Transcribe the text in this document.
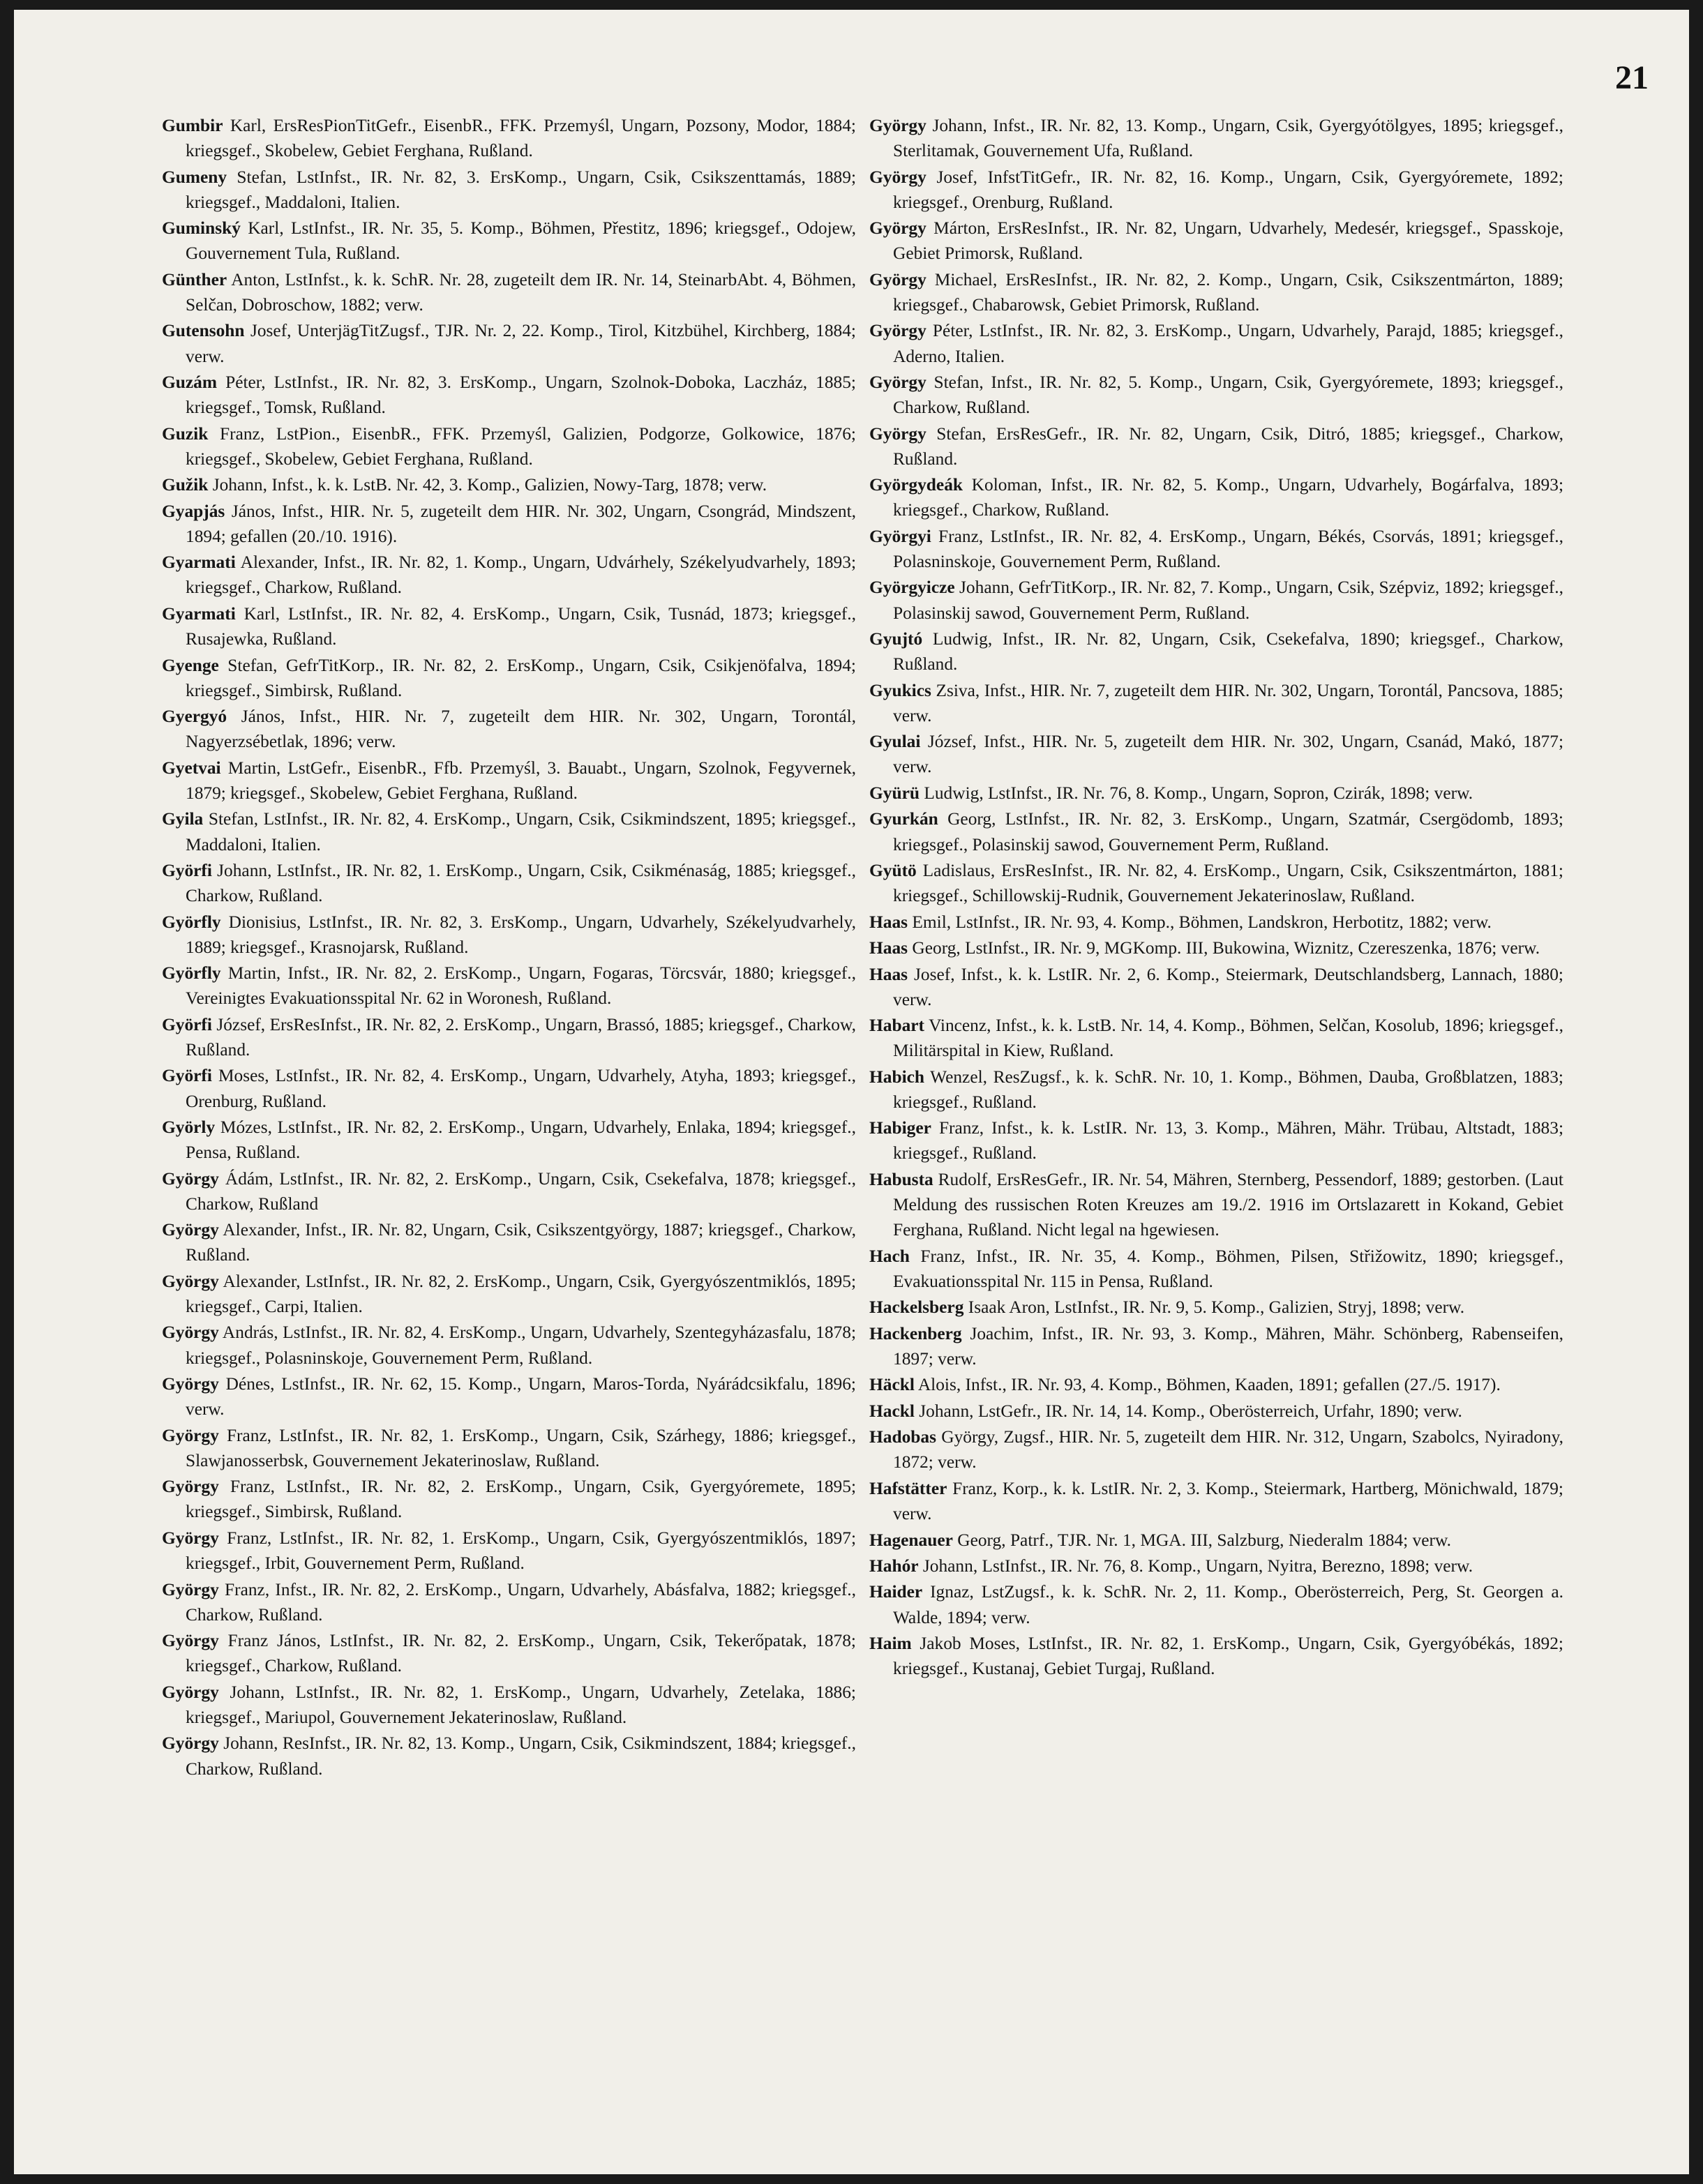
21

Gumbir Karl, ErsResPionTitGefr., EisenbR., FFK. Przemyśl, Ungarn, Pozsony, Modor, 1884; kriegsgef., Skobelew, Gebiet Ferghana, Rußland.

Gumeny Stefan, LstInfst., IR. Nr. 82, 3. ErsKomp., Ungarn, Csik, Csikszenttamás, 1889; kriegsgef., Maddaloni, Italien.

Guminský Karl, LstInfst., IR. Nr. 35, 5. Komp., Böhmen, Přestitz, 1896; kriegsgef., Odojew, Gouvernement Tula, Rußland.

Günther Anton, LstInfst., k. k. SchR. Nr. 28, zugeteilt dem IR. Nr. 14, SteinarbAbt. 4, Böhmen, Selčan, Dobroschow, 1882; verw.

Gutensohn Josef, UnterjägTitZugsf., TJR. Nr. 2, 22. Komp., Tirol, Kitzbühel, Kirchberg, 1884; verw.

Guzám Péter, LstInfst., IR. Nr. 82, 3. ErsKomp., Ungarn, Szolnok-Doboka, Laczház, 1885; kriegsgef., Tomsk, Rußland.

Guzik Franz, LstPion., EisenbR., FFK. Przemyśl, Galizien, Podgorze, Golkowice, 1876; kriegsgef., Skobelew, Gebiet Ferghana, Rußland.

Gužik Johann, Infst., k. k. LstB. Nr. 42, 3. Komp., Galizien, Nowy-Targ, 1878; verw.

Gyapjás János, Infst., HIR. Nr. 5, zugeteilt dem HIR. Nr. 302, Ungarn, Csongrád, Mindszent, 1894; gefallen (20./10. 1916).

Gyarmati Alexander, Infst., IR. Nr. 82, 1. Komp., Ungarn, Udvárhely, Székelyudvarhely, 1893; kriegsgef., Charkow, Rußland.

Gyarmati Karl, LstInfst., IR. Nr. 82, 4. ErsKomp., Ungarn, Csik, Tusnád, 1873; kriegsgef., Rusajewka, Rußland.

Gyenge Stefan, GefrTitKorp., IR. Nr. 82, 2. ErsKomp., Ungarn, Csik, Csikjenöfalva, 1894; kriegsgef., Simbirsk, Rußland.

Gyergyó János, Infst., HIR. Nr. 7, zugeteilt dem HIR. Nr. 302, Ungarn, Torontál, Nagyerzsébetlak, 1896; verw.

Gyetvai Martin, LstGefr., EisenbR., Ffb. Przemyśl, 3. Bauabt., Ungarn, Szolnok, Fegyvernek, 1879; kriegsgef., Skobelew, Gebiet Ferghana, Rußland.

Gyila Stefan, LstInfst., IR. Nr. 82, 4. ErsKomp., Ungarn, Csik, Csikmindszent, 1895; kriegsgef., Maddaloni, Italien.

Györfi Johann, LstInfst., IR. Nr. 82, 1. ErsKomp., Ungarn, Csik, Csikménaság, 1885; kriegsgef., Charkow, Rußland.

Györfly Dionisius, LstInfst., IR. Nr. 82, 3. ErsKomp., Ungarn, Udvarhely, Székelyudvarhely, 1889; kriegsgef., Krasnojarsk, Rußland.

Györfly Martin, Infst., IR. Nr. 82, 2. ErsKomp., Ungarn, Fogaras, Törcsvár, 1880; kriegsgef., Vereinigtes Evakuationsspital Nr. 62 in Woronesh, Rußland.

Györfi József, ErsResInfst., IR. Nr. 82, 2. ErsKomp., Ungarn, Brassó, 1885; kriegsgef., Charkow, Rußland.

Györfi Moses, LstInfst., IR. Nr. 82, 4. ErsKomp., Ungarn, Udvarhely, Atyha, 1893; kriegsgef., Orenburg, Rußland.

Györly Mózes, LstInfst., IR. Nr. 82, 2. ErsKomp., Ungarn, Udvarhely, Enlaka, 1894; kriegsgef., Pensa, Rußland.

György Ádám, LstInfst., IR. Nr. 82, 2. ErsKomp., Ungarn, Csik, Csekefalva, 1878; kriegsgef., Charkow, Rußland

György Alexander, Infst., IR. Nr. 82, Ungarn, Csik, Csikszentgyörgy, 1887; kriegsgef., Charkow, Rußland.

György Alexander, LstInfst., IR. Nr. 82, 2. ErsKomp., Ungarn, Csik, Gyergyószentmiklós, 1895; kriegsgef., Carpi, Italien.

György András, LstInfst., IR. Nr. 82, 4. ErsKomp., Ungarn, Udvarhely, Szentegyházasfalu, 1878; kriegsgef., Polasninskoje, Gouvernement Perm, Rußland.

György Dénes, LstInfst., IR. Nr. 62, 15. Komp., Ungarn, Maros-Torda, Nyárádcsikfalu, 1896; verw.

György Franz, LstInfst., IR. Nr. 82, 1. ErsKomp., Ungarn, Csik, Szárhegy, 1886; kriegsgef., Slawjanosserbsk, Gouvernement Jekaterinoslaw, Rußland.

György Franz, LstInfst., IR. Nr. 82, 2. ErsKomp., Ungarn, Csik, Gyergyóremete, 1895; kriegsgef., Simbirsk, Rußland.

György Franz, LstInfst., IR. Nr. 82, 1. ErsKomp., Ungarn, Csik, Gyergyószentmiklós, 1897; kriegsgef., Irbit, Gouvernement Perm, Rußland.

György Franz, Infst., IR. Nr. 82, 2. ErsKomp., Ungarn, Udvarhely, Abásfalva, 1882; kriegsgef., Charkow, Rußland.

György Franz János, LstInfst., IR. Nr. 82, 2. ErsKomp., Ungarn, Csik, Tekerőpatak, 1878; kriegsgef., Charkow, Rußland.

György Johann, LstInfst., IR. Nr. 82, 1. ErsKomp., Ungarn, Udvarhely, Zetelaka, 1886; kriegsgef., Mariupol, Gouvernement Jekaterinoslaw, Rußland.

György Johann, ResInfst., IR. Nr. 82, 13. Komp., Ungarn, Csik, Csikmindszent, 1884; kriegsgef., Charkow, Rußland.

György Johann, Infst., IR. Nr. 82, 13. Komp., Ungarn, Csik, Gyergyótölgyes, 1895; kriegsgef., Sterlitamak, Gouvernement Ufa, Rußland.

György Josef, InfstTitGefr., IR. Nr. 82, 16. Komp., Ungarn, Csik, Gyergyóremete, 1892; kriegsgef., Orenburg, Rußland.

György Márton, ErsResInfst., IR. Nr. 82, Ungarn, Udvarhely, Medesér, kriegsgef., Spasskoje, Gebiet Primorsk, Rußland.

György Michael, ErsResInfst., IR. Nr. 82, 2. Komp., Ungarn, Csik, Csikszentmárton, 1889; kriegsgef., Chabarowsk, Gebiet Primorsk, Rußland.

György Péter, LstInfst., IR. Nr. 82, 3. ErsKomp., Ungarn, Udvarhely, Parajd, 1885; kriegsgef., Aderno, Italien.

György Stefan, Infst., IR. Nr. 82, 5. Komp., Ungarn, Csik, Gyergyóremete, 1893; kriegsgef., Charkow, Rußland.

György Stefan, ErsResGefr., IR. Nr. 82, Ungarn, Csik, Ditró, 1885; kriegsgef., Charkow, Rußland.

Györgydeák Koloman, Infst., IR. Nr. 82, 5. Komp., Ungarn, Udvarhely, Bogárfalva, 1893; kriegsgef., Charkow, Rußland.

Györgyi Franz, LstInfst., IR. Nr. 82, 4. ErsKomp., Ungarn, Békés, Csorvás, 1891; kriegsgef., Polasninskoje, Gouvernement Perm, Rußland.

Györgyicze Johann, GefrTitKorp., IR. Nr. 82, 7. Komp., Ungarn, Csik, Szépviz, 1892; kriegsgef., Polasinskij sawod, Gouvernement Perm, Rußland.

Gyujtó Ludwig, Infst., IR. Nr. 82, Ungarn, Csik, Csekefalva, 1890; kriegsgef., Charkow, Rußland.

Gyukics Zsiva, Infst., HIR. Nr. 7, zugeteilt dem HIR. Nr. 302, Ungarn, Torontál, Pancsova, 1885; verw.

Gyulai József, Infst., HIR. Nr. 5, zugeteilt dem HIR. Nr. 302, Ungarn, Csanád, Makó, 1877; verw.

Gyürü Ludwig, LstInfst., IR. Nr. 76, 8. Komp., Ungarn, Sopron, Czirák, 1898; verw.

Gyurkán Georg, LstInfst., IR. Nr. 82, 3. ErsKomp., Ungarn, Szatmár, Csergödomb, 1893; kriegsgef., Polasinskij sawod, Gouvernement Perm, Rußland.

Gyütö Ladislaus, ErsResInfst., IR. Nr. 82, 4. ErsKomp., Ungarn, Csik, Csikszentmárton, 1881; kriegsgef., Schillowskij-Rudnik, Gouvernement Jekaterinoslaw, Rußland.

Haas Emil, LstInfst., IR. Nr. 93, 4. Komp., Böhmen, Landskron, Herbotitz, 1882; verw.

Haas Georg, LstInfst., IR. Nr. 9, MGKomp. III, Bukowina, Wiznitz, Czereszenka, 1876; verw.

Haas Josef, Infst., k. k. LstIR. Nr. 2, 6. Komp., Steiermark, Deutschlandsberg, Lannach, 1880; verw.

Habart Vincenz, Infst., k. k. LstB. Nr. 14, 4. Komp., Böhmen, Selčan, Kosolub, 1896; kriegsgef., Militärspital in Kiew, Rußland.

Habich Wenzel, ResZugsf., k. k. SchR. Nr. 10, 1. Komp., Böhmen, Dauba, Großblatzen, 1883; kriegsgef., Rußland.

Habiger Franz, Infst., k. k. LstIR. Nr. 13, 3. Komp., Mähren, Mähr. Trübau, Altstadt, 1883; kriegsgef., Rußland.

Habusta Rudolf, ErsResGefr., IR. Nr. 54, Mähren, Sternberg, Pessendorf, 1889; gestorben. (Laut Meldung des russischen Roten Kreuzes am 19./2. 1916 im Ortslazarett in Kokand, Gebiet Ferghana, Rußland. Nicht legal na hgewiesen.

Hach Franz, Infst., IR. Nr. 35, 4. Komp., Böhmen, Pilsen, Střižowitz, 1890; kriegsgef., Evakuationsspital Nr. 115 in Pensa, Rußland.

Hackelsberg Isaak Aron, LstInfst., IR. Nr. 9, 5. Komp., Galizien, Stryj, 1898; verw.

Hackenberg Joachim, Infst., IR. Nr. 93, 3. Komp., Mähren, Mähr. Schönberg, Rabenseifen, 1897; verw.

Häckl Alois, Infst., IR. Nr. 93, 4. Komp., Böhmen, Kaaden, 1891; gefallen (27./5. 1917).

Hackl Johann, LstGefr., IR. Nr. 14, 14. Komp., Oberösterreich, Urfahr, 1890; verw.

Hadobas György, Zugsf., HIR. Nr. 5, zugeteilt dem HIR. Nr. 312, Ungarn, Szabolcs, Nyiradony, 1872; verw.

Hafstätter Franz, Korp., k. k. LstIR. Nr. 2, 3. Komp., Steiermark, Hartberg, Mönichwald, 1879; verw.

Hagenauer Georg, Patrf., TJR. Nr. 1, MGA. III, Salzburg, Niederalm 1884; verw.

Hahór Johann, LstInfst., IR. Nr. 76, 8. Komp., Ungarn, Nyitra, Berezno, 1898; verw.

Haider Ignaz, LstZugsf., k. k. SchR. Nr. 2, 11. Komp., Oberösterreich, Perg, St. Georgen a. Walde, 1894; verw.

Haim Jakob Moses, LstInfst., IR. Nr. 82, 1. ErsKomp., Ungarn, Csik, Gyergyóbékás, 1892; kriegsgef., Kustanaj, Gebiet Turgaj, Rußland.
